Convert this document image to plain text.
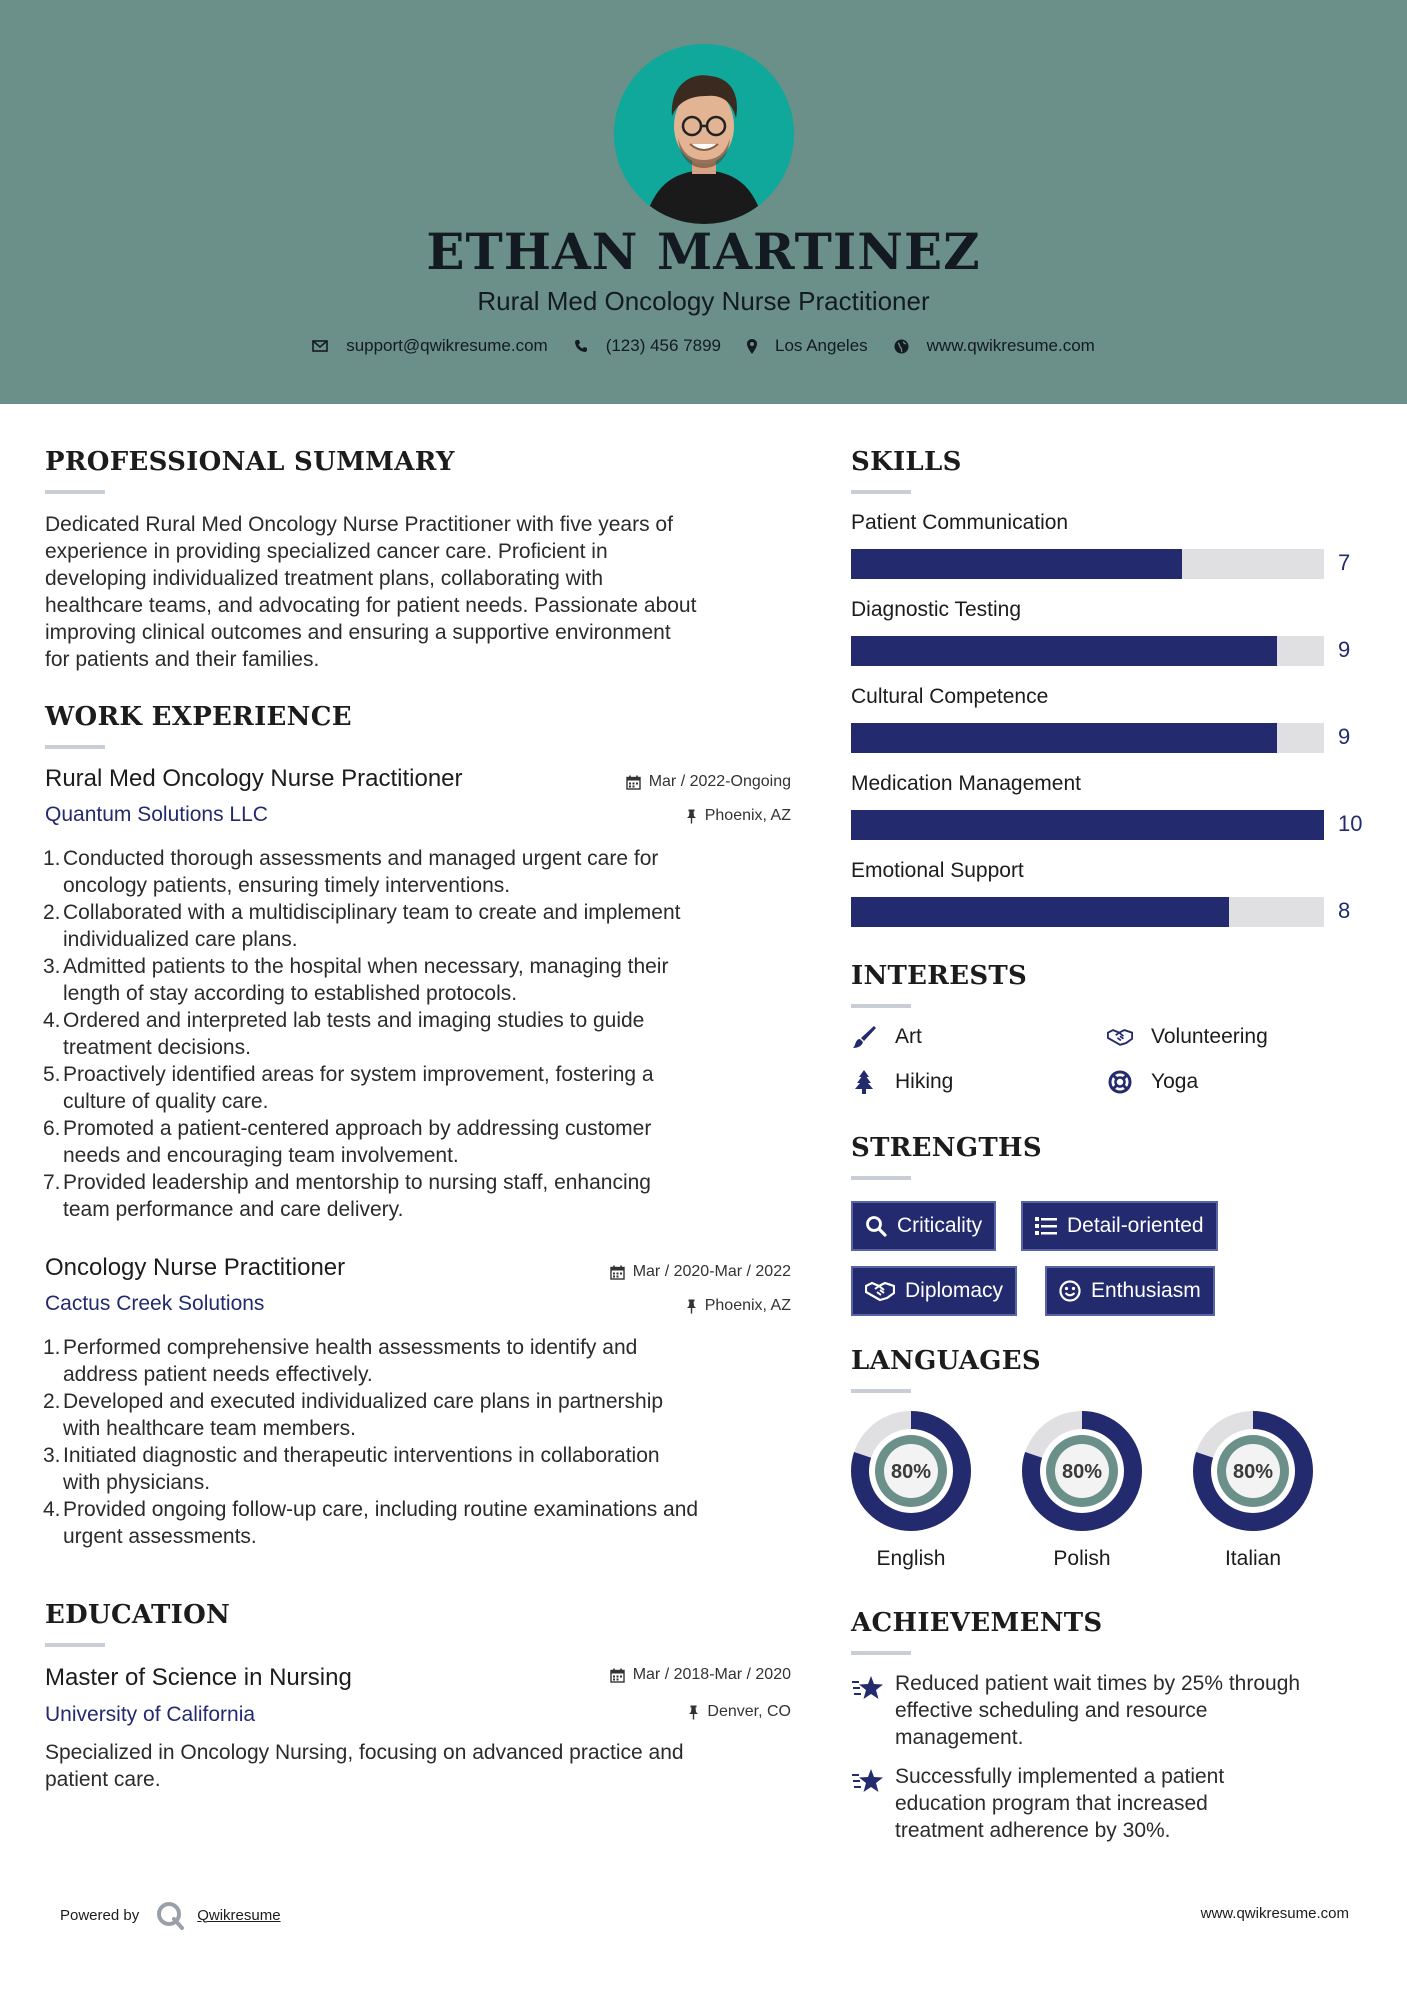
ETHAN MARTINEZ
Rural Med Oncology Nurse Practitioner
support@qwikresume.com	(123) 456 7899	Los Angeles	www.qwikresume.com
PROFESSIONAL SUMMARY
Dedicated Rural Med Oncology Nurse Practitioner with five years of
experience in providing specialized cancer care. Proficient in
developing individualized treatment plans, collaborating with
healthcare teams, and advocating for patient needs. Passionate about
improving clinical outcomes and ensuring a supportive environment
for patients and their families.
WORK EXPERIENCE
Rural Med Oncology Nurse Practitioner	Mar / 2022-Ongoing
Quantum Solutions LLC	Phoenix, AZ
1. Conducted thorough assessments and managed urgent care for
oncology patients, ensuring timely interventions.
2. Collaborated with a multidisciplinary team to create and implement
individualized care plans.
3. Admitted patients to the hospital when necessary, managing their
length of stay according to established protocols.
4. Ordered and interpreted lab tests and imaging studies to guide
treatment decisions.
5. Proactively identified areas for system improvement, fostering a
culture of quality care.
6. Promoted a patient-centered approach by addressing customer
needs and encouraging team involvement.
7. Provided leadership and mentorship to nursing staff, enhancing
team performance and care delivery.
Oncology Nurse Practitioner	Mar / 2020-Mar / 2022
Cactus Creek Solutions	Phoenix, AZ
1. Performed comprehensive health assessments to identify and
address patient needs effectively.
2. Developed and executed individualized care plans in partnership
with healthcare team members.
3. Initiated diagnostic and therapeutic interventions in collaboration
with physicians.
4. Provided ongoing follow-up care, including routine examinations and
urgent assessments.
EDUCATION
Master of Science in Nursing	Mar / 2018-Mar / 2020
University of California	Denver, CO
Specialized in Oncology Nursing, focusing on advanced practice and
patient care.
SKILLS
Patient Communication
7
Diagnostic Testing
9
Cultural Competence
9
Medication Management
10
Emotional Support
8
INTERESTS
Art	Volunteering
Hiking	Yoga
STRENGTHS
Criticality	Detail-oriented
Diplomacy	Enthusiasm
LANGUAGES
80%
English
80%
Polish
80%
Italian
ACHIEVEMENTS
Reduced patient wait times by 25% through
effective scheduling and resource
management.
Successfully implemented a patient
education program that increased
treatment adherence by 30%.
Powered by	Qwikresume	www.qwikresume.com
